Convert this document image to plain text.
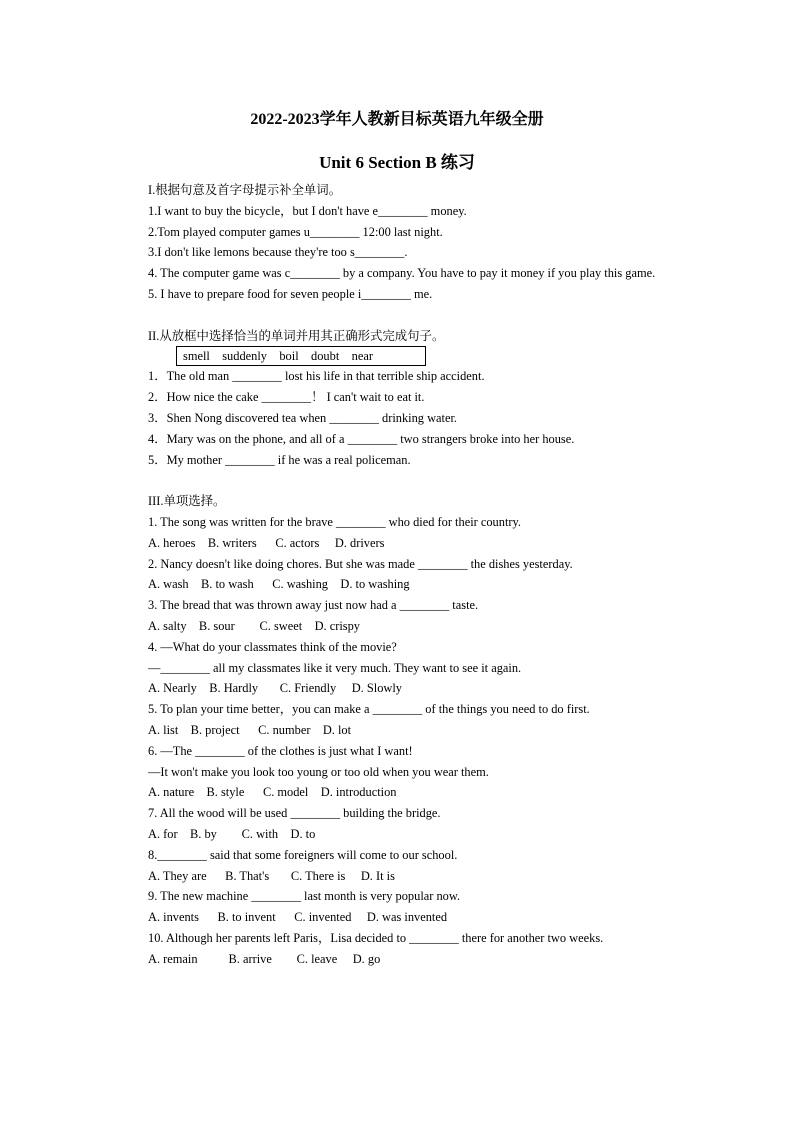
2022-2023学年人教新目标英语九年级全册
Unit 6 Section B 练习
I.根据句意及首字母提示补全单词。
1.I want to buy the bicycle，but I don't have e________ money.
2.Tom played computer games u________ 12:00 last night.
3.I don't like lemons because they're too s________.
4. The computer game was c________ by a company. You have to pay it money if you play this game.
5. I have to prepare food for seven people i________ me.
II.从放框中选择恰当的单词并用其正确形式完成句子。
smell    suddenly    boil    doubt    near
1．The old man ________ lost his life in that terrible ship accident.
2．How nice the cake ________！ I can't wait to eat it.
3．Shen Nong discovered tea when ________ drinking water.
4．Mary was on the phone, and all of a ________ two strangers broke into her house.
5．My mother ________ if he was a real policeman.
III.单项选择。
1. The song was written for the brave ________ who died for their country.
A. heroes    B. writers      C. actors     D. drivers
2. Nancy doesn't like doing chores. But she was made ________ the dishes yesterday.
A. wash    B. to wash      C. washing    D. to washing
3. The bread that was thrown away just now had a ________ taste.
A. salty    B. sour        C. sweet    D. crispy
4. —What do your classmates think of the movie?
—________ all my classmates like it very much. They want to see it again.
A. Nearly    B. Hardly       C. Friendly     D. Slowly
5. To plan your time better，you can make a ________ of the things you need to do first.
A. list    B. project      C. number    D. lot
6. —The ________ of the clothes is just what I want!
—It won't make you look too young or too old when you wear them.
A. nature    B. style      C. model    D. introduction
7. All the wood will be used ________ building the bridge.
A. for    B. by        C. with    D. to
8.________ said that some foreigners will come to our school.
A. They are      B. That's       C. There is     D. It is
9. The new machine ________ last month is very popular now.
A. invents      B. to invent      C. invented     D. was invented
10. Although her parents left Paris，Lisa decided to ________ there for another two weeks.
A. remain          B. arrive        C. leave     D. go
